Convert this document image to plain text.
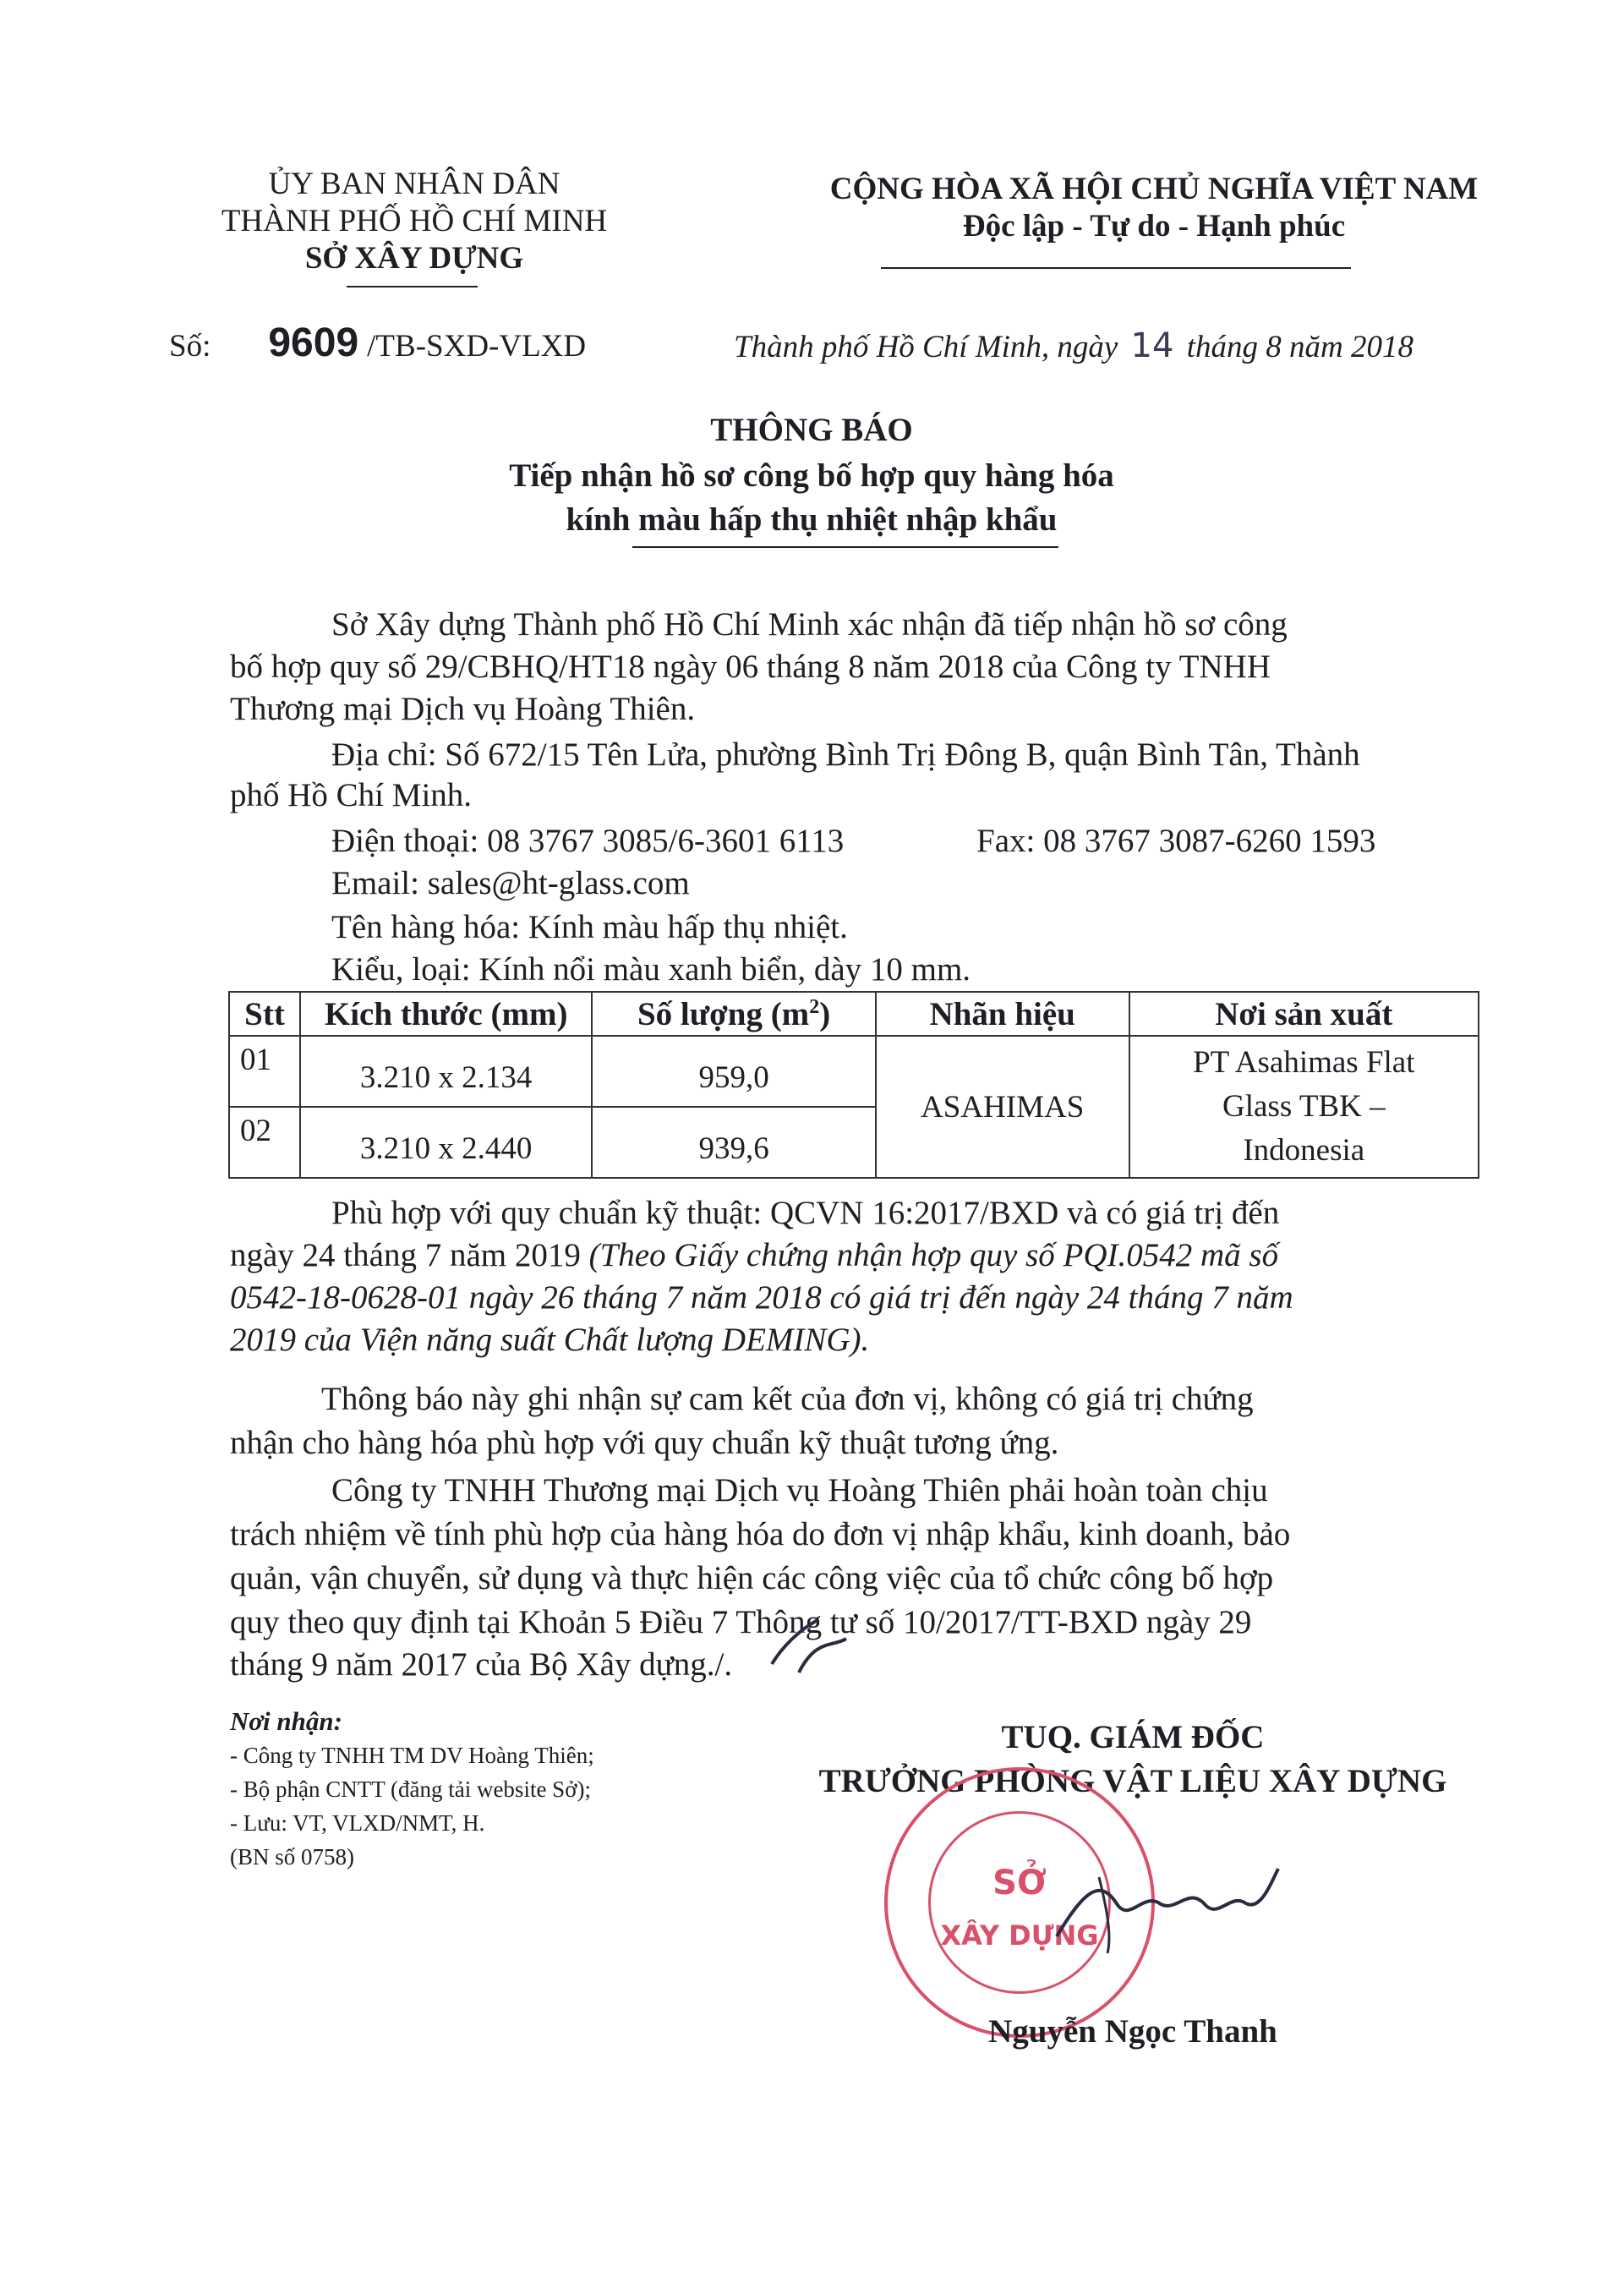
ỦY BAN NHÂN DÂN
THÀNH PHỐ HỒ CHÍ MINH
SỞ XÂY DỰNG
CỘNG HÒA XÃ HỘI CHỦ NGHĨA VIỆT NAM
Độc lập - Tự do - Hạnh phúc
Số: 9609 /TB-SXD-VLXD	Thành phố Hồ Chí Minh, ngày 14 tháng 8 năm 2018
THÔNG BÁO
Tiếp nhận hồ sơ công bố hợp quy hàng hóa
kính màu hấp thụ nhiệt nhập khẩu
Sở Xây dựng Thành phố Hồ Chí Minh xác nhận đã tiếp nhận hồ sơ công
bố hợp quy số 29/CBHQ/HT18 ngày 06 tháng 8 năm 2018 của Công ty TNHH
Thương mại Dịch vụ Hoàng Thiên.
Địa chỉ: Số 672/15 Tên Lửa, phường Bình Trị Đông B, quận Bình Tân, Thành
phố Hồ Chí Minh.
Điện thoại: 08 3767 3085/6-3601 6113	Fax: 08 3767 3087-6260 1593
Email: sales@ht-glass.com
Tên hàng hóa: Kính màu hấp thụ nhiệt.
Kiểu, loại: Kính nổi màu xanh biển, dày 10 mm.
Stt	Kích thước (mm)	Số lượng $(m^2)$	Nhãn hiệu	Nơi sản xuất
01	3.210 x 2.134	959,0	ASAHIMAS	PT Asahimas Flat
Glass TBK –
Indonesia

02	3.210 x 2.440	939,6		
Phù hợp với quy chuẩn kỹ thuật: QCVN 16:2017/BXD và có giá trị đến
ngày 24 tháng 7 năm 2019 (Theo Giấy chứng nhận hợp quy số PQI.0542 mã số
0542-18-0628-01 ngày 26 tháng 7 năm 2018 có giá trị đến ngày 24 tháng 7 năm
2019 của Viện năng suất Chất lượng DEMING).
Thông báo này ghi nhận sự cam kết của đơn vị, không có giá trị chứng
nhận cho hàng hóa phù hợp với quy chuẩn kỹ thuật tương ứng.
Công ty TNHH Thương mại Dịch vụ Hoàng Thiên phải hoàn toàn chịu
trách nhiệm về tính phù hợp của hàng hóa do đơn vị nhập khẩu, kinh doanh, bảo
quản, vận chuyển, sử dụng và thực hiện các công việc của tổ chức công bố hợp
quy theo quy định tại Khoản 5 Điều 7 Thông tư số 10/2017/TT-BXD ngày 29
tháng 9 năm 2017 của Bộ Xây dựng./.
Nơi nhận:
- Công ty TNHH TM DV Hoàng Thiên;
- Bộ phận CNTT (đăng tải website Sở);
- Lưu: VT, VLXD/NMT, H.
(BN số 0758)
TUQ. GIÁM ĐỐC
TRƯỞNG PHÒNG VẬT LIỆU XÂY DỰNG
SỞ
XÂY DỰNG
Nguyễn Ngọc Thanh
